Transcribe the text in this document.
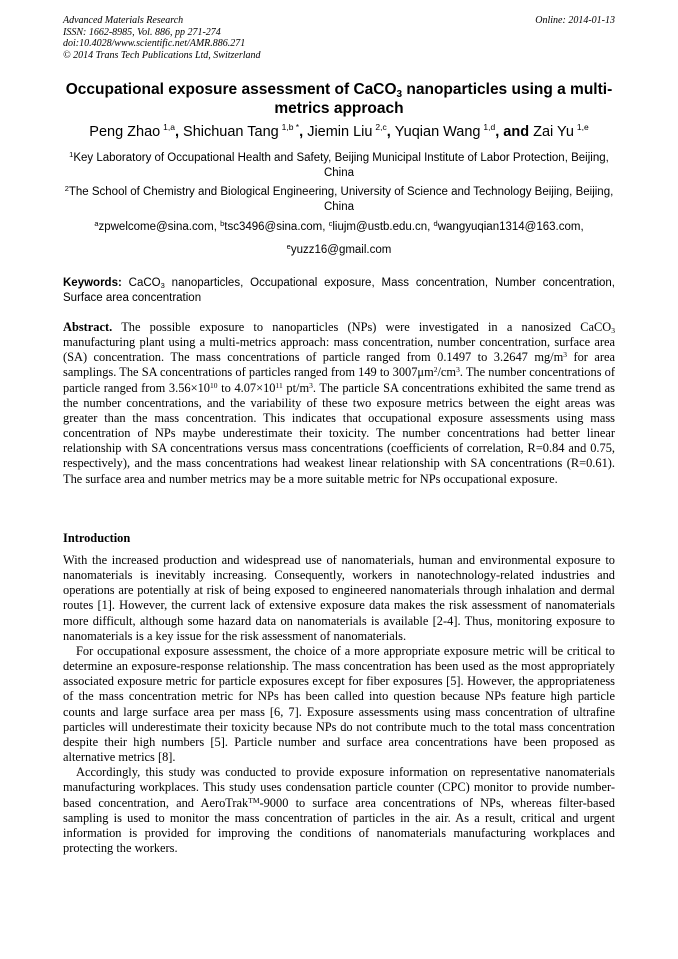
Advanced Materials Research
ISSN: 1662-8985, Vol. 886, pp 271-274
doi:10.4028/www.scientific.net/AMR.886.271
© 2014 Trans Tech Publications Ltd, Switzerland
Online: 2014-01-13
Occupational exposure assessment of CaCO$_3$ nanoparticles using a multi-metrics approach
Peng Zhao  $^{1,a}$, Shichuan Tang  $^{1,b *}$, Jiemin Liu  $^{2,c}$, Yuqian Wang  $^{1,d}$, and Zai Yu  $^{1,e}$
$^1$Key Laboratory of Occupational Health and Safety, Beijing Municipal Institute of Labor Protection, Beijing, China
$^2$The School of Chemistry and Biological Engineering, University of Science and Technology Beijing, Beijing, China
$^a$zpwelcome@sina.com, $^b$tsc3496@sina.com, $^c$liujm@ustb.edu.cn, $^d$wangyuqian1314@163.com,
$^e$yuzz16@gmail.com
Keywords: CaCO$_3$ nanoparticles, Occupational exposure, Mass concentration, Number concentration, Surface area concentration
Abstract. The possible exposure to nanoparticles (NPs) were investigated in a nanosized CaCO$_3$ manufacturing plant using a multi-metrics approach: mass concentration, number concentration, surface area (SA) concentration. The mass concentrations of particle ranged from 0.1497 to 3.2647 $mg/m^3$ for area samplings. The SA concentrations of particles ranged from 149 to $3007\mu m^2/cm^3$. The number concentrations of particle ranged from $3.56\times 10^{10}$ to $4.07\times 10^{11}$ $pt/m^3$. The particle SA concentrations exhibited the same trend as the number concentrations, and the variability of these two exposure metrics between the eight areas was greater than the mass concentration. This indicates that occupational exposure assessments using mass concentration of NPs maybe underestimate their toxicity. The number concentrations had better linear relationship with SA concentrations versus mass concentrations (coefficients of correlation, R=0.84 and 0.75, respectively), and the mass concentrations had weakest linear relationship with SA concentrations (R=0.61). The surface area and number metrics may be a more suitable metric for NPs occupational exposure.
Introduction

With the increased production and widespread use of nanomaterials, human and environmental exposure to nanomaterials is inevitably increasing. Consequently, workers in nanotechnology-related industries and operations are potentially at risk of being exposed to engineered nanomaterials through inhalation and dermal routes [1]. However, the current lack of extensive exposure data makes the risk assessment of nanomaterials more difficult, although some hazard data on nanomaterials is available [2-4]. Thus, monitoring exposure to nanomaterials is a key issue for the risk assessment of nanomaterials.

For occupational exposure assessment, the choice of a more appropriate exposure metric will be critical to determine an exposure-response relationship. The mass concentration has been used as the most appropriately associated exposure metric for particle exposures except for fiber exposures [5]. However, the appropriateness of the mass concentration metric for NPs has been called into question because NPs feature high particle counts and large surface area per mass [6, 7]. Exposure assessments using mass concentration of ultrafine particles will underestimate their toxicity because NPs do not contribute much to the total mass concentration despite their high numbers [5]. Particle number and surface area concentrations have been proposed as alternative metrics [8].

Accordingly, this study was conducted to provide exposure information on representative nanomaterials manufacturing workplaces. This study uses condensation particle counter (CPC) monitor to provide number-based concentration, and AeroTrak™-9000 to surface area concentrations of NPs, whereas filter-based sampling is used to monitor the mass concentration of particles in the air. As a result, critical and urgent information is provided for improving the conditions of nanomaterials manufacturing workplaces and protecting the workers.
